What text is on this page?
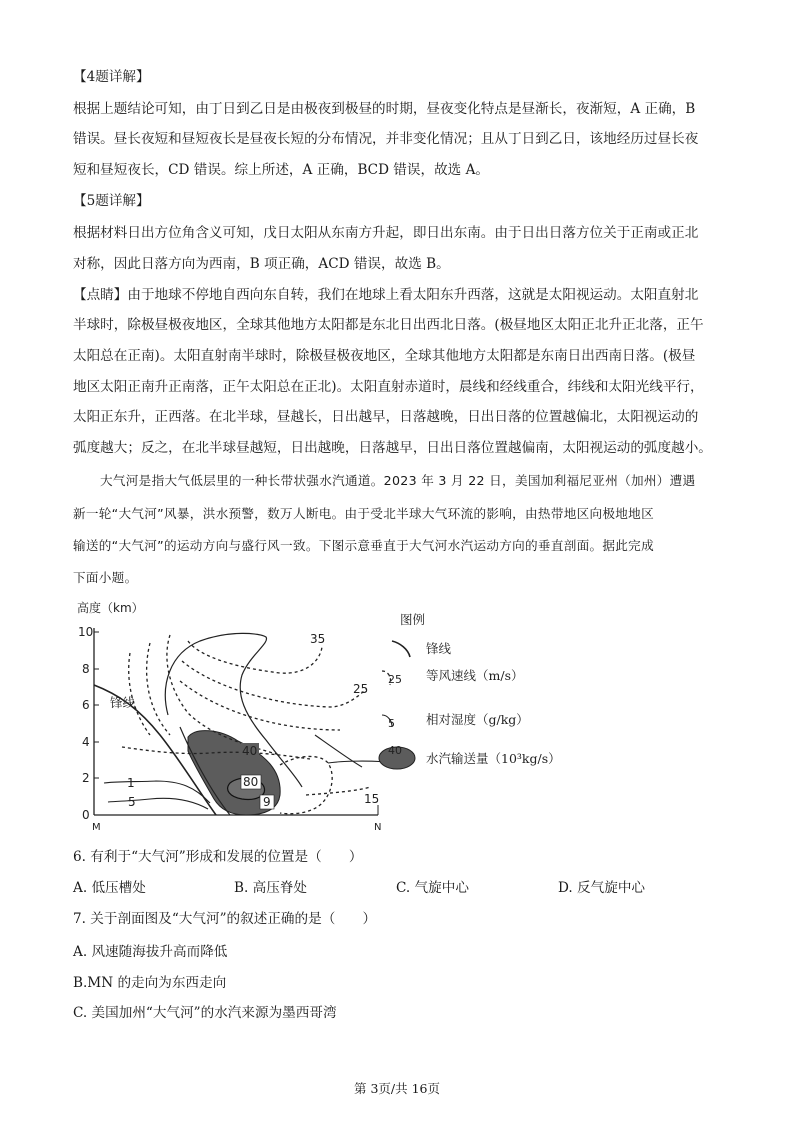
【4题详解】
根据上题结论可知，由丁日到乙日是由极夜到极昼的时期，昼夜变化特点是昼渐长，夜渐短，A 正确，B
错误。昼长夜短和昼短夜长是昼夜长短的分布情况，并非变化情况；且从丁日到乙日，该地经历过昼长夜
短和昼短夜长，CD 错误。综上所述，A 正确，BCD 错误，故选 A。
【5题详解】
根据材料日出方位角含义可知，戊日太阳从东南方升起，即日出东南。由于日出日落方位关于正南或正北
对称，因此日落方向为西南，B 项正确，ACD 错误，故选 B。
【点睛】由于地球不停地自西向东自转，我们在地球上看太阳东升西落，这就是太阳视运动。太阳直射北
半球时，除极昼极夜地区，全球其他地方太阳都是东北日出西北日落。(极昼地区太阳正北升正北落，正午
太阳总在正南)。太阳直射南半球时，除极昼极夜地区，全球其他地方太阳都是东南日出西南日落。(极昼
地区太阳正南升正南落，正午太阳总在正北)。太阳直射赤道时，晨线和经线重合，纬线和太阳光线平行，
太阳正东升，正西落。在北半球，昼越长，日出越早，日落越晚，日出日落的位置越偏北，太阳视运动的
弧度越大；反之，在北半球昼越短，日出越晚，日落越早，日出日落位置越偏南，太阳视运动的弧度越小。
大气河是指大气低层里的一种长带状强水汽通道。2023 年 3 月 22 日，美国加利福尼亚州（加州）遭遇
新一轮“大气河”风暴，洪水预警，数万人断电。由于受北半球大气环流的影响，由热带地区向极地地区
输送的“大气河”的运动方向与盛行风一致。下图示意垂直于大气河水汽运动方向的垂直剖面。据此完成
下面小题。
高度（km）
10
8
6
4
2
0
M	N
锋线
35
25
15
40
80
9
1
5
图例
锋线
25 等风速线（m/s）
5 相对湿度（g/kg）
40
水汽输送量（10³kg/s）
6. 有利于“大气河”形成和发展的位置是（　　）
A. 低压槽处	B. 高压脊处	C. 气旋中心	D. 反气旋中心
7. 关于剖面图及“大气河”的叙述正确的是（　　）
A. 风速随海拔升高而降低
B.MN 的走向为东西走向
C. 美国加州“大气河”的水汽来源为墨西哥湾
第 3页/共 16页
